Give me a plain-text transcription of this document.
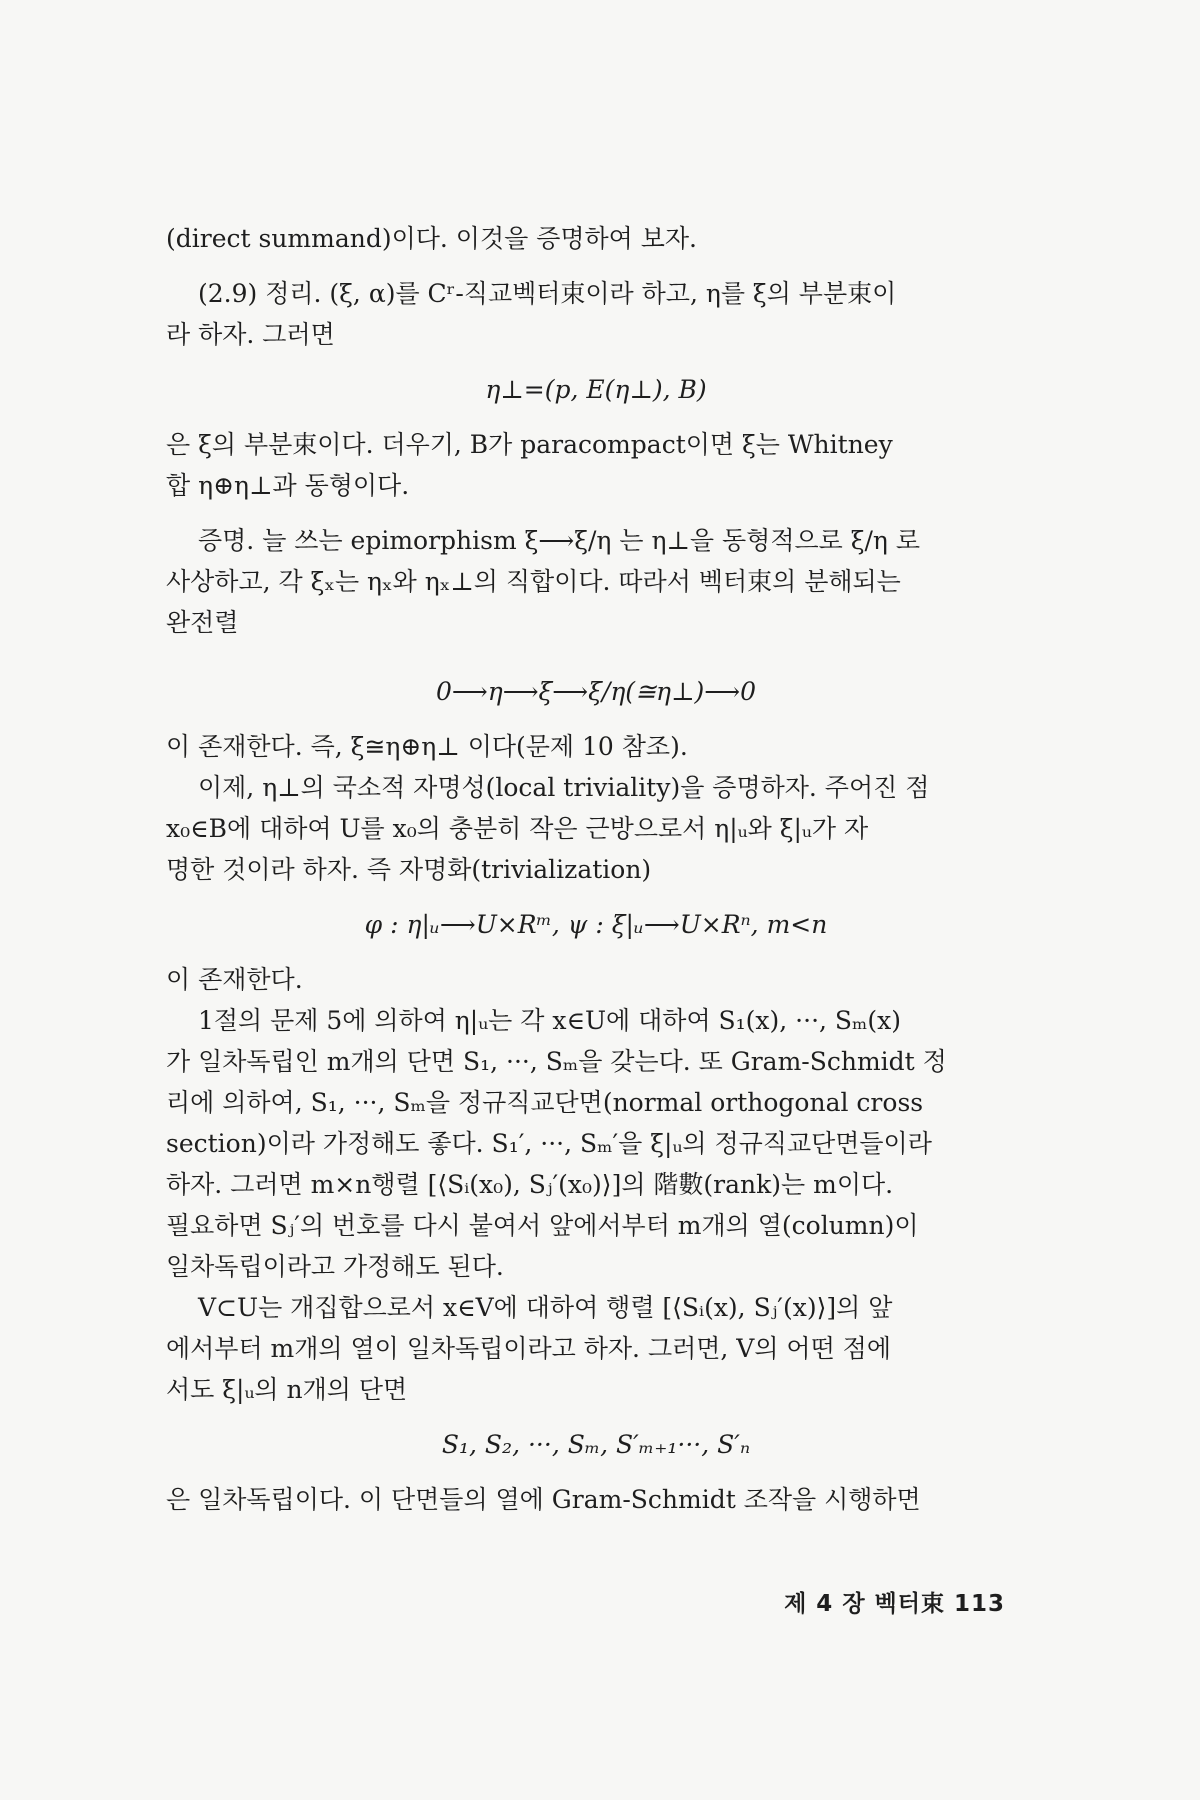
(direct summand)이다. 이것을 증명하여 보자.
(2.9) 정리. (ξ, α)를 Cʳ-직교벡터束이라 하고, η를 ξ의 부분束이
라 하자. 그러면
η⊥=(p, E(η⊥), B)
은 ξ의 부분束이다. 더우기, B가 paracompact이면 ξ는 Whitney
합 η⊕η⊥과 동형이다.
증명. 늘 쓰는 epimorphism ξ⟶ξ/η 는 η⊥을 동형적으로 ξ/η 로
사상하고, 각 ξₓ는 ηₓ와 ηₓ⊥의 직합이다. 따라서 벡터束의 분해되는
완전렬
0⟶η⟶ξ⟶ξ/η(≅η⊥)⟶0
이 존재한다. 즉, ξ≅η⊕η⊥ 이다(문제 10 참조).
이제, η⊥의 국소적 자명성(local triviality)을 증명하자. 주어진 점
x₀∈B에 대하여 U를 x₀의 충분히 작은 근방으로서 η|ᵤ와 ξ|ᵤ가 자
명한 것이라 하자. 즉 자명화(trivialization)
φ : η|ᵤ⟶U×Rᵐ, ψ : ξ|ᵤ⟶U×Rⁿ, m<n
이 존재한다.
1절의 문제 5에 의하여 η|ᵤ는 각 x∈U에 대하여 S₁(x), ···, Sₘ(x)
가 일차독립인 m개의 단면 S₁, ···, Sₘ을 갖는다. 또 Gram-Schmidt 정
리에 의하여, S₁, ···, Sₘ을 정규직교단면(normal orthogonal cross
section)이라 가정해도 좋다. S₁′, ···, Sₘ′을 ξ|ᵤ의 정규직교단면들이라
하자. 그러면 m×n행렬 [⟨Sᵢ(x₀), Sⱼ′(x₀)⟩]의 階數(rank)는 m이다.
필요하면 Sⱼ′의 번호를 다시 붙여서 앞에서부터 m개의 열(column)이
일차독립이라고 가정해도 된다.
V⊂U는 개집합으로서 x∈V에 대하여 행렬 [⟨Sᵢ(x), Sⱼ′(x)⟩]의 앞
에서부터 m개의 열이 일차독립이라고 하자. 그러면, V의 어떤 점에
서도 ξ|ᵤ의 n개의 단면
S₁, S₂, ···, Sₘ, S′ₘ₊₁···, S′ₙ
은 일차독립이다. 이 단면들의 열에 Gram-Schmidt 조작을 시행하면
제 4 장 벡터束 113
